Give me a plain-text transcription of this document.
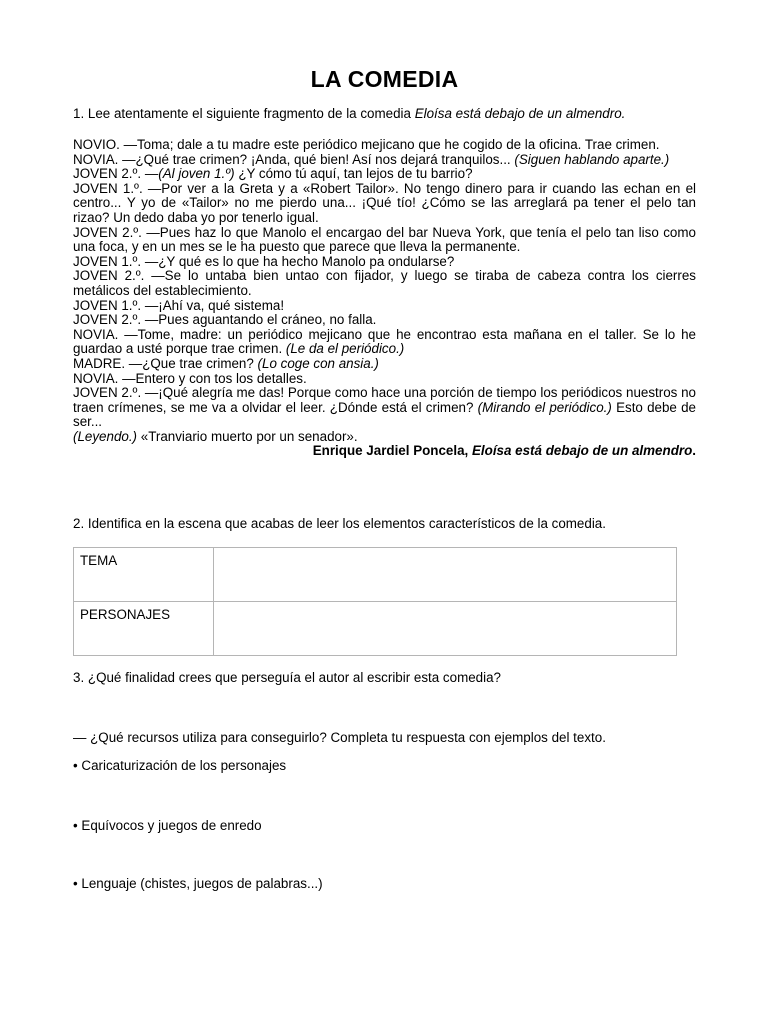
LA COMEDIA
1. Lee atentamente el siguiente fragmento de la comedia Eloísa está debajo de un almendro.

NOVIO. —Toma; dale a tu madre este periódico mejicano que he cogido de la oficina. Trae crimen.

NOVIA. —¿Qué trae crimen? ¡Anda, qué bien! Así nos dejará tranquilos... (Siguen hablando aparte.)

JOVEN 2.º. —(Al joven 1.º) ¿Y cómo tú aquí, tan lejos de tu barrio?

JOVEN 1.º. —Por ver a la Greta y a «Robert Tailor». No tengo dinero para ir cuando las echan en el centro... Y yo de «Tailor» no me pierdo una... ¡Qué tío! ¿Cómo se las arreglará pa tener el pelo tan rizao? Un dedo daba yo por tenerlo igual.

JOVEN 2.º. —Pues haz lo que Manolo el encargao del bar Nueva York, que tenía el pelo tan liso como una foca, y en un mes se le ha puesto que parece que lleva la permanente.

JOVEN 1.º. —¿Y qué es lo que ha hecho Manolo pa ondularse?

JOVEN 2.º. —Se lo untaba bien untao con fijador, y luego se tiraba de cabeza contra los cierres metálicos del establecimiento.

JOVEN 1.º. —¡Ahí va, qué sistema!

JOVEN 2.º. —Pues aguantando el cráneo, no falla.

NOVIA. —Tome, madre: un periódico mejicano que he encontrao esta mañana en el taller. Se lo he guardao a usté porque trae crimen. (Le da el periódico.)

MADRE. —¿Que trae crimen? (Lo coge con ansia.)

NOVIA. —Entero y con tos los detalles.

JOVEN 2.º. —¡Qué alegría me das! Porque como hace una porción de tiempo los periódicos nuestros no traen crímenes, se me va a olvidar el leer. ¿Dónde está el crimen? (Mirando el periódico.) Esto debe de ser...

(Leyendo.) «Tranviario muerto por un senador».

Enrique Jardiel Poncela, Eloísa está debajo de un almendro.

2. Identifica en la escena que acabas de leer los elementos característicos de la comedia.
TEMA	
PERSONAJES	
3. ¿Qué finalidad crees que perseguía el autor al escribir esta comedia?
— ¿Qué recursos utiliza para conseguirlo? Completa tu respuesta con ejemplos del texto.
• Caricaturización de los personajes
• Equívocos y juegos de enredo
• Lenguaje (chistes, juegos de palabras...)
